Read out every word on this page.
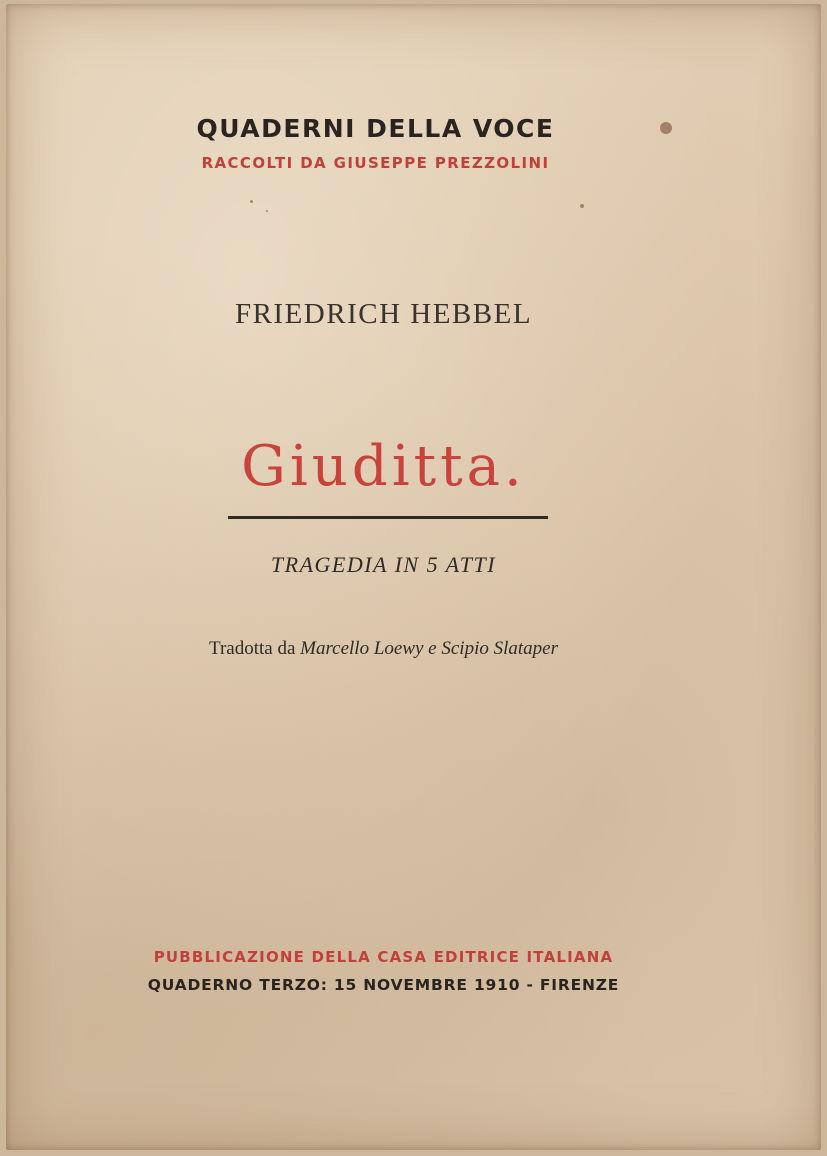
QUADERNI DELLA VOCE
RACCOLTI DA GIUSEPPE PREZZOLINI
FRIEDRICH HEBBEL
Giuditta.
TRAGEDIA IN 5 ATTI
Tradotta da Marcello Loewy e Scipio Slataper
PUBBLICAZIONE DELLA CASA EDITRICE ITALIANA
QUADERNO TERZO: 15 NOVEMBRE 1910 - FIRENZE
